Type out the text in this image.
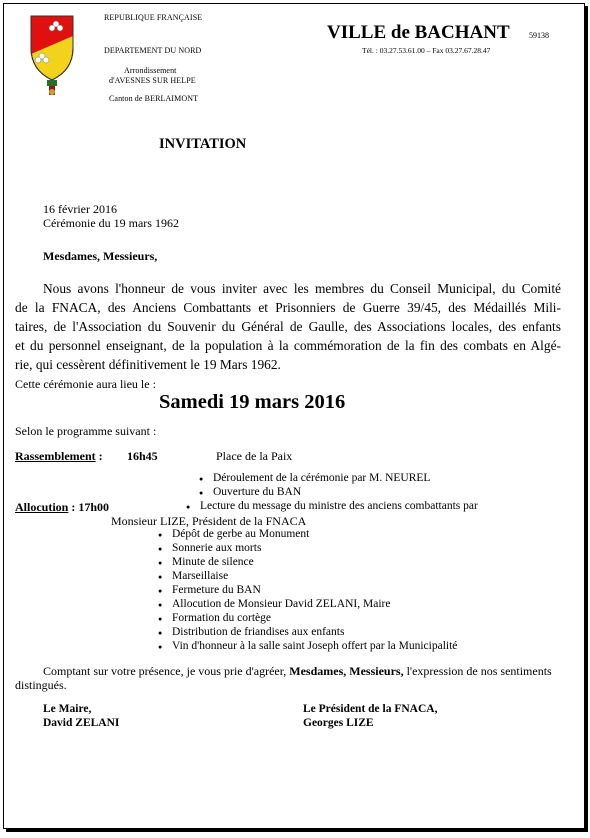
REPUBLIQUE FRANÇAISE
DEPARTEMENT DU NORD
Arrondissement
d'AVESNES SUR HELPE
Canton de BERLAIMONT
VILLE de BACHANT 59138
Tél. : 03.27.53.61.00 – Fax 03.27.67.28.47
INVITATION
16 février 2016
Cérémonie du 19 mars 1962
Mesdames, Messieurs,
Nous avons l'honneur de vous inviter avec les membres du Conseil Municipal, du Comité
de la FNACA, des Anciens Combattants et Prisonniers de Guerre 39/45, des Médaillés Mili-
taires, de l'Association du Souvenir du Général de Gaulle, des Associations locales, des enfants
et du personnel enseignant, de la population à la commémoration de la fin des combats en Algé-
rie, qui cessèrent définitivement le 19 Mars 1962.
Cette cérémonie aura lieu le :
Samedi 19 mars 2016
Selon le programme suivant :
Rassemblement : 16h45	Place de la Paix
● Déroulement de la cérémonie par M. NEUREL
● Ouverture du BAN
Allocution : 17h00
●	Lecture du message du ministre des anciens combattants par
Monsieur LIZE, Président de la FNACA
● Dépôt de gerbe au Monument
● Sonnerie aux morts
● Minute de silence
● Marseillaise
● Fermeture du BAN
● Allocution de Monsieur David ZELANI, Maire
● Formation du cortège
● Distribution de friandises aux enfants
● Vin d'honneur à la salle saint Joseph offert par la Municipalité
Comptant sur votre présence, je vous prie d'agréer, Mesdames, Messieurs, l'expression de nos sentiments
distingués.
Le Maire,
David ZELANI
Le Président de la FNACA,
Georges LIZE
